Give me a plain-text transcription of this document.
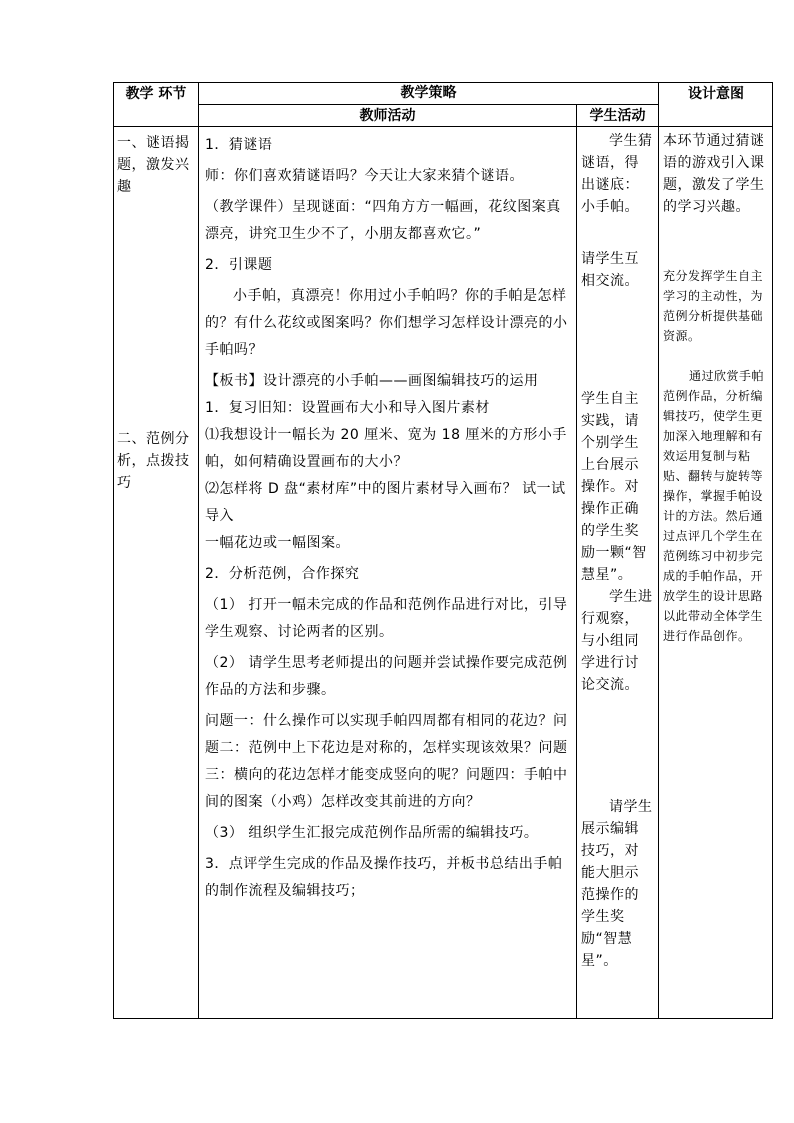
教学 环节	教学策略
教师活动	学生活动
设计意图

一、谜语揭题，激发兴趣

二、范例分析，点拨技巧

1．猜谜语

师：你们喜欢猜谜语吗？今天让大家来猜个谜语。

（教学课件）呈现谜面：“四角方方一幅画，花纹图案真漂亮，讲究卫生少不了，小朋友都喜欢它。”

2．引课题

小手帕，真漂亮！你用过小手帕吗？你的手帕是怎样的？有什么花纹或图案吗？你们想学习怎样设计漂亮的小手帕吗？

【板书】设计漂亮的小手帕——画图编辑技巧的运用

1．复习旧知：设置画布大小和导入图片素材

⑴我想设计一幅长为 20 厘米、宽为 18 厘米的方形小手帕，如何精确设置画布的大小？

⑵怎样将 D 盘“素材库”中的图片素材导入画布？ 试一试导入

一幅花边或一幅图案。

2．分析范例，合作探究

（1） 打开一幅未完成的作品和范例作品进行对比，引导学生观察、讨论两者的区别。

（2） 请学生思考老师提出的问题并尝试操作要完成范例作品的方法和步骤。

问题一：什么操作可以实现手帕四周都有相同的花边？问题二：范例中上下花边是对称的，怎样实现该效果？问题三：横向的花边怎样才能变成竖向的呢？问题四：手帕中间的图案（小鸡）怎样改变其前进的方向？

（3） 组织学生汇报完成范例作品所需的编辑技巧。

3．点评学生完成的作品及操作技巧，并板书总结出手帕的制作流程及编辑技巧；

学生猜谜语，得出谜底：小手帕。

请学生互相交流。

学生自主实践，请个别学生上台展示操作。对操作正确的学生奖励一颗“智慧星”。

学生进行观察，与小组同学进行讨论交流。

请学生展示编辑技巧，对能大胆示范操作的学生奖励“智慧星”。

本环节通过猜谜语的游戏引入课题，激发了学生的学习兴趣。

充分发挥学生自主学习的主动性，为范例分析提供基础资源。

通过欣赏手帕范例作品，分析编辑技巧，使学生更加深入地理解和有效运用复制与粘贴、翻转与旋转等操作，掌握手帕设计的方法。然后通过点评几个学生在范例练习中初步完成的手帕作品，开放学生的设计思路以此带动全体学生进行作品创作。
